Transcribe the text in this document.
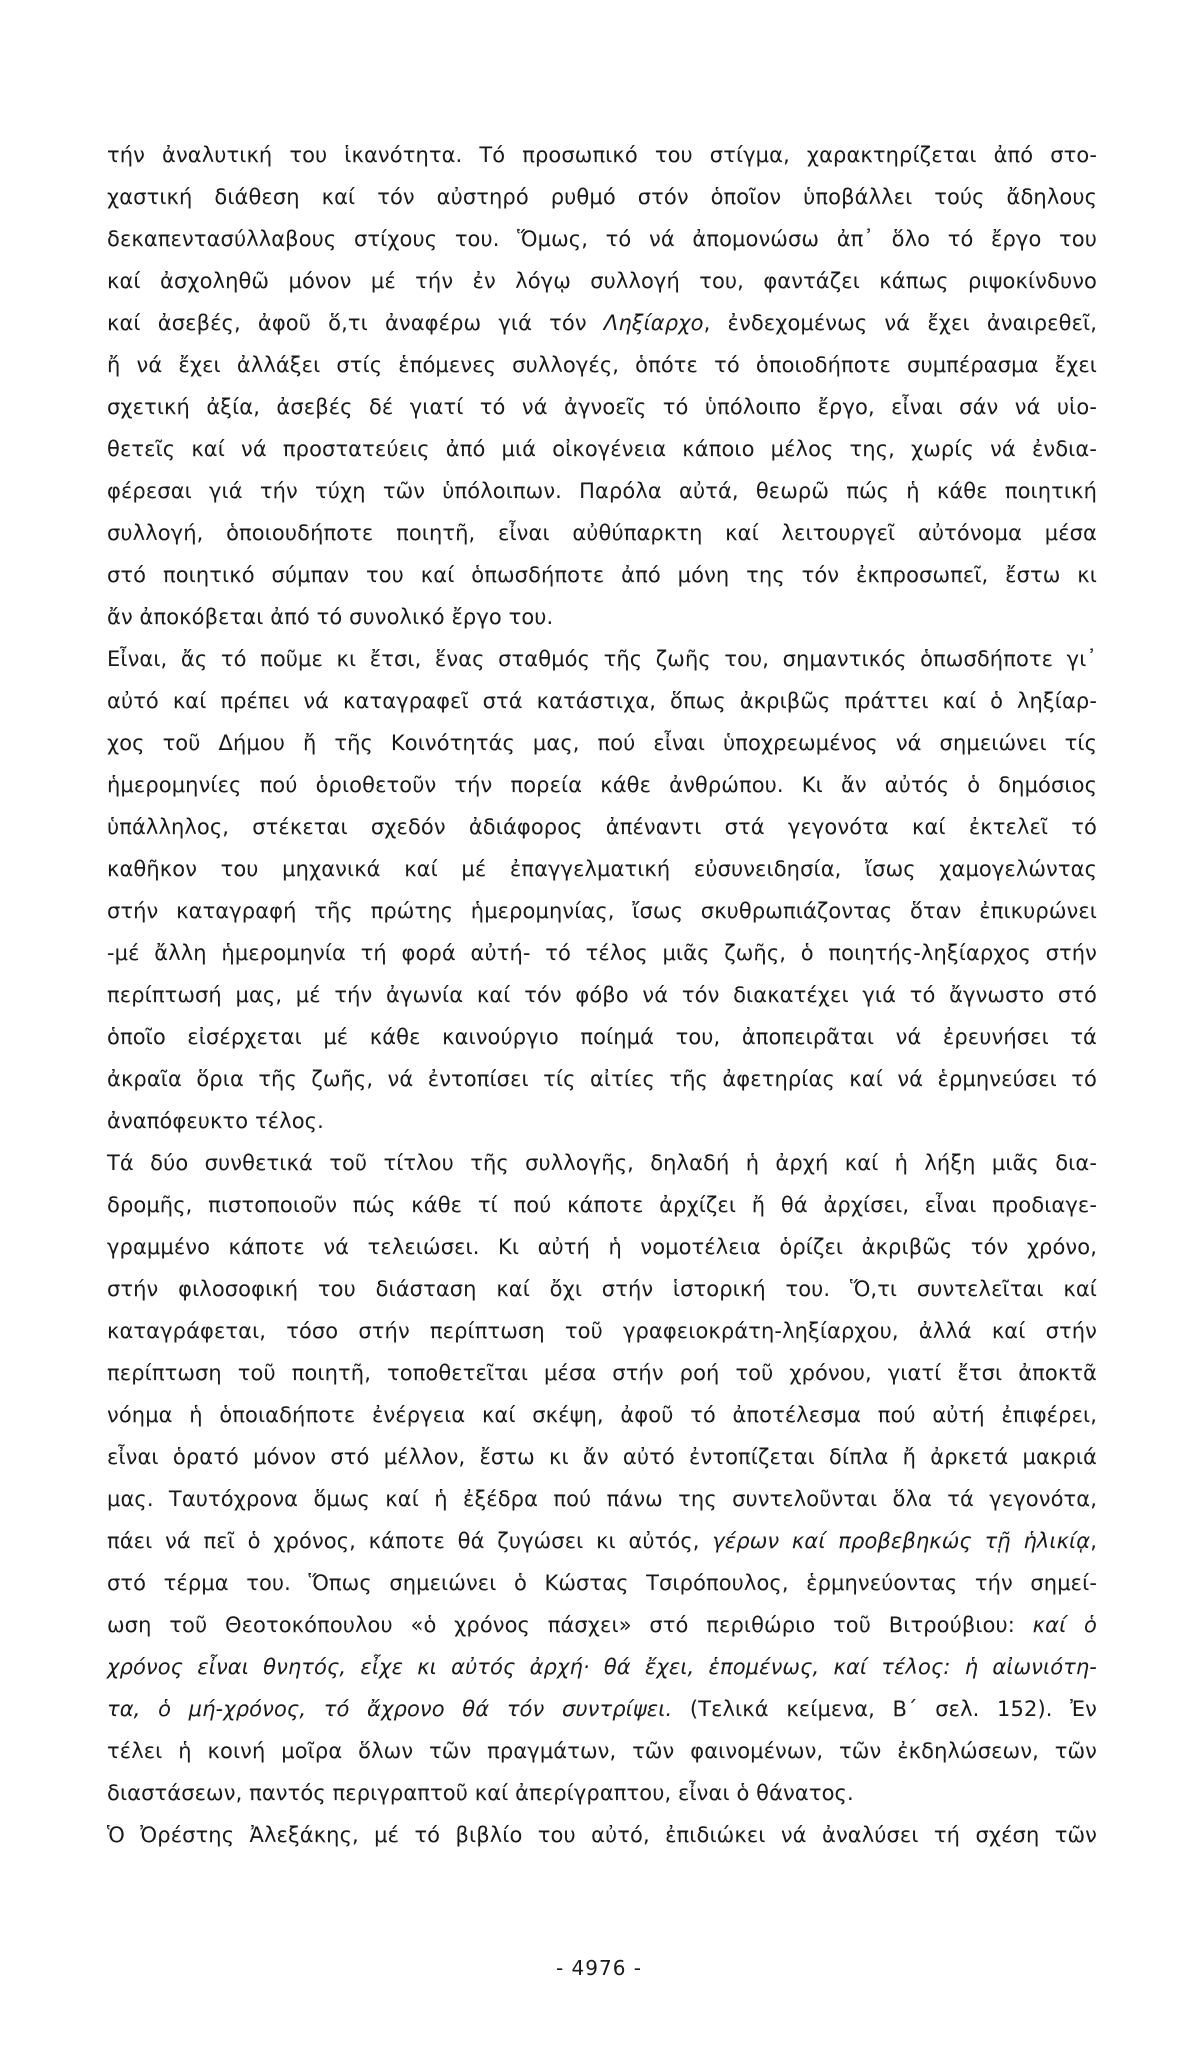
τήν ἀναλυτική του ἱκανότητα. Τό προσωπικό του στίγμα, χαρακτηρίζεται ἀπό στο-
χαστική διάθεση καί τόν αὐστηρό ρυθμό στόν ὁποῖον ὑποβάλλει τούς ἄδηλους
δεκαπεντασύλλαβους στίχους του. Ὅμως, τό νά ἀπομονώσω ἀπ᾽ ὅλο τό ἔργο του
καί ἀσχοληθῶ μόνον μέ τήν ἐν λόγῳ συλλογή του, φαντάζει κάπως ριψοκίνδυνο
καί ἀσεβές, ἀφοῦ ὅ,τι ἀναφέρω γιά τόν Ληξίαρχο, ἐνδεχομένως νά ἔχει ἀναιρεθεῖ,
ἤ νά ἔχει ἀλλάξει στίς ἑπόμενες συλλογές, ὁπότε τό ὁποιοδήποτε συμπέρασμα ἔχει
σχετική ἀξία, ἀσεβές δέ γιατί τό νά ἀγνοεῖς τό ὑπόλοιπο ἔργο, εἶναι σάν νά υἱο-
θετεῖς καί νά προστατεύεις ἀπό μιά οἰκογένεια κάποιο μέλος της, χωρίς νά ἐνδια-
φέρεσαι γιά τήν τύχη τῶν ὑπόλοιπων. Παρόλα αὐτά, θεωρῶ πώς ἡ κάθε ποιητική
συλλογή, ὁποιουδήποτε ποιητῆ, εἶναι αὐθύπαρκτη καί λειτουργεῖ αὐτόνομα μέσα
στό ποιητικό σύμπαν του καί ὁπωσδήποτε ἀπό μόνη της τόν ἐκπροσωπεῖ, ἔστω κι
ἄν ἀποκόβεται ἀπό τό συνολικό ἔργο του.
Εἶναι, ἄς τό ποῦμε κι ἔτσι, ἕνας σταθμός τῆς ζωῆς του, σημαντικός ὁπωσδήποτε γι᾽
αὐτό καί πρέπει νά καταγραφεῖ στά κατάστιχα, ὅπως ἀκριβῶς πράττει καί ὁ ληξίαρ-
χος τοῦ Δήμου ἤ τῆς Κοινότητάς μας, πού εἶναι ὑποχρεωμένος νά σημειώνει τίς
ἡμερομηνίες πού ὁριοθετοῦν τήν πορεία κάθε ἀνθρώπου. Κι ἄν αὐτός ὁ δημόσιος
ὑπάλληλος, στέκεται σχεδόν ἀδιάφορος ἀπέναντι στά γεγονότα καί ἐκτελεῖ τό
καθῆκον του μηχανικά καί μέ ἐπαγγελματική εὐσυνειδησία, ἴσως χαμογελώντας
στήν καταγραφή τῆς πρώτης ἡμερομηνίας, ἴσως σκυθρωπιάζοντας ὅταν ἐπικυρώνει
-μέ ἄλλη ἡμερομηνία τή φορά αὐτή- τό τέλος μιᾶς ζωῆς, ὁ ποιητής-ληξίαρχος στήν
περίπτωσή μας, μέ τήν ἀγωνία καί τόν φόβο νά τόν διακατέχει γιά τό ἄγνωστο στό
ὁποῖο εἰσέρχεται μέ κάθε καινούργιο ποίημά του, ἀποπειρᾶται νά ἐρευνήσει τά
ἀκραῖα ὅρια τῆς ζωῆς, νά ἐντοπίσει τίς αἰτίες τῆς ἀφετηρίας καί νά ἑρμηνεύσει τό
ἀναπόφευκτο τέλος.
Τά δύο συνθετικά τοῦ τίτλου τῆς συλλογῆς, δηλαδή ἡ ἀρχή καί ἡ λήξη μιᾶς δια-
δρομῆς, πιστοποιοῦν πώς κάθε τί πού κάποτε ἀρχίζει ἤ θά ἀρχίσει, εἶναι προδιαγε-
γραμμένο κάποτε νά τελειώσει. Κι αὐτή ἡ νομοτέλεια ὁρίζει ἀκριβῶς τόν χρόνο,
στήν φιλοσοφική του διάσταση καί ὄχι στήν ἱστορική του. Ὅ,τι συντελεῖται καί
καταγράφεται, τόσο στήν περίπτωση τοῦ γραφειοκράτη-ληξίαρχου, ἀλλά καί στήν
περίπτωση τοῦ ποιητῆ, τοποθετεῖται μέσα στήν ροή τοῦ χρόνου, γιατί ἔτσι ἀποκτᾶ
νόημα ἡ ὁποιαδήποτε ἐνέργεια καί σκέψη, ἀφοῦ τό ἀποτέλεσμα πού αὐτή ἐπιφέρει,
εἶναι ὁρατό μόνον στό μέλλον, ἔστω κι ἄν αὐτό ἐντοπίζεται δίπλα ἤ ἀρκετά μακριά
μας. Ταυτόχρονα ὅμως καί ἡ ἐξέδρα πού πάνω της συντελοῦνται ὅλα τά γεγονότα,
πάει νά πεῖ ὁ χρόνος, κάποτε θά ζυγώσει κι αὐτός, γέρων καί προβεβηκώς τῇ ἡλικίᾳ,
στό τέρμα του. Ὅπως σημειώνει ὁ Κώστας Τσιρόπουλος, ἑρμηνεύοντας τήν σημεί-
ωση τοῦ Θεοτοκόπουλου «ὁ χρόνος πάσχει» στό περιθώριο τοῦ Βιτρούβιου: καί ὁ
χρόνος εἶναι θνητός, εἶχε κι αὐτός ἀρχή· θά ἔχει, ἑπομένως, καί τέλος: ἡ αἰωνιότη-
τα, ὁ μή-χρόνος, τό ἄχρονο θά τόν συντρίψει. (Τελικά κείμενα, Β΄ σελ. 152). Ἐν
τέλει ἡ κοινή μοῖρα ὅλων τῶν πραγμάτων, τῶν φαινομένων, τῶν ἐκδηλώσεων, τῶν
διαστάσεων, παντός περιγραπτοῦ καί ἀπερίγραπτου, εἶναι ὁ θάνατος.
Ὁ Ὀρέστης Ἀλεξάκης, μέ τό βιβλίο του αὐτό, ἐπιδιώκει νά ἀναλύσει τή σχέση τῶν
- 4976 -
